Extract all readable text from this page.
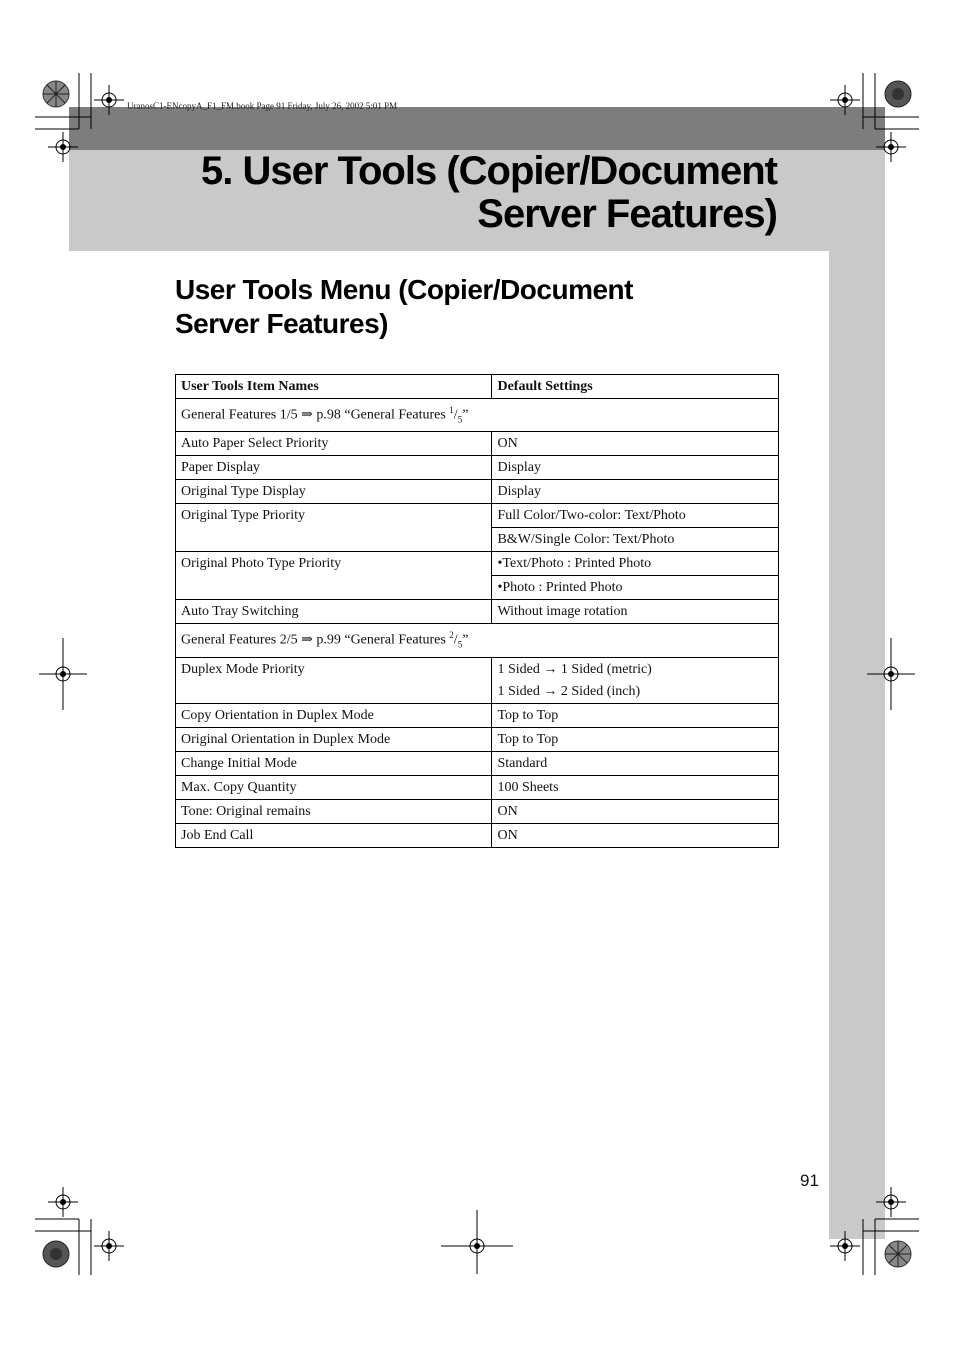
UranosC1-ENcopyA_F1_FM.book Page 91 Friday, July 26, 2002 5:01 PM
5. User Tools (Copier/Document
Server Features)
User Tools Menu (Copier/Document
Server Features)
User Tools Item Names	Default Settings
General Features 1/5 ⇒ p.98 “General Features $^1/_5$”	
Auto Paper Select Priority	ON
Paper Display	Display
Original Type Display	Display
Original Type Priority	Full Color/Two-color: Text/Photo
	B&W/Single Color: Text/Photo
Original Photo Type Priority	•Text/Photo : Printed Photo
	•Photo : Printed Photo
Auto Tray Switching	Without image rotation
General Features 2/5 ⇒ p.99 “General Features $^2/_5$”	
Duplex Mode Priority	1 Sided → 1 Sided (metric)
1 Sided → 2 Sided (inch)

Copy Orientation in Duplex Mode	Top to Top
Original Orientation in Duplex Mode	Top to Top
Change Initial Mode	Standard
Max. Copy Quantity	100 Sheets
Tone: Original remains	ON
Job End Call	ON
91
